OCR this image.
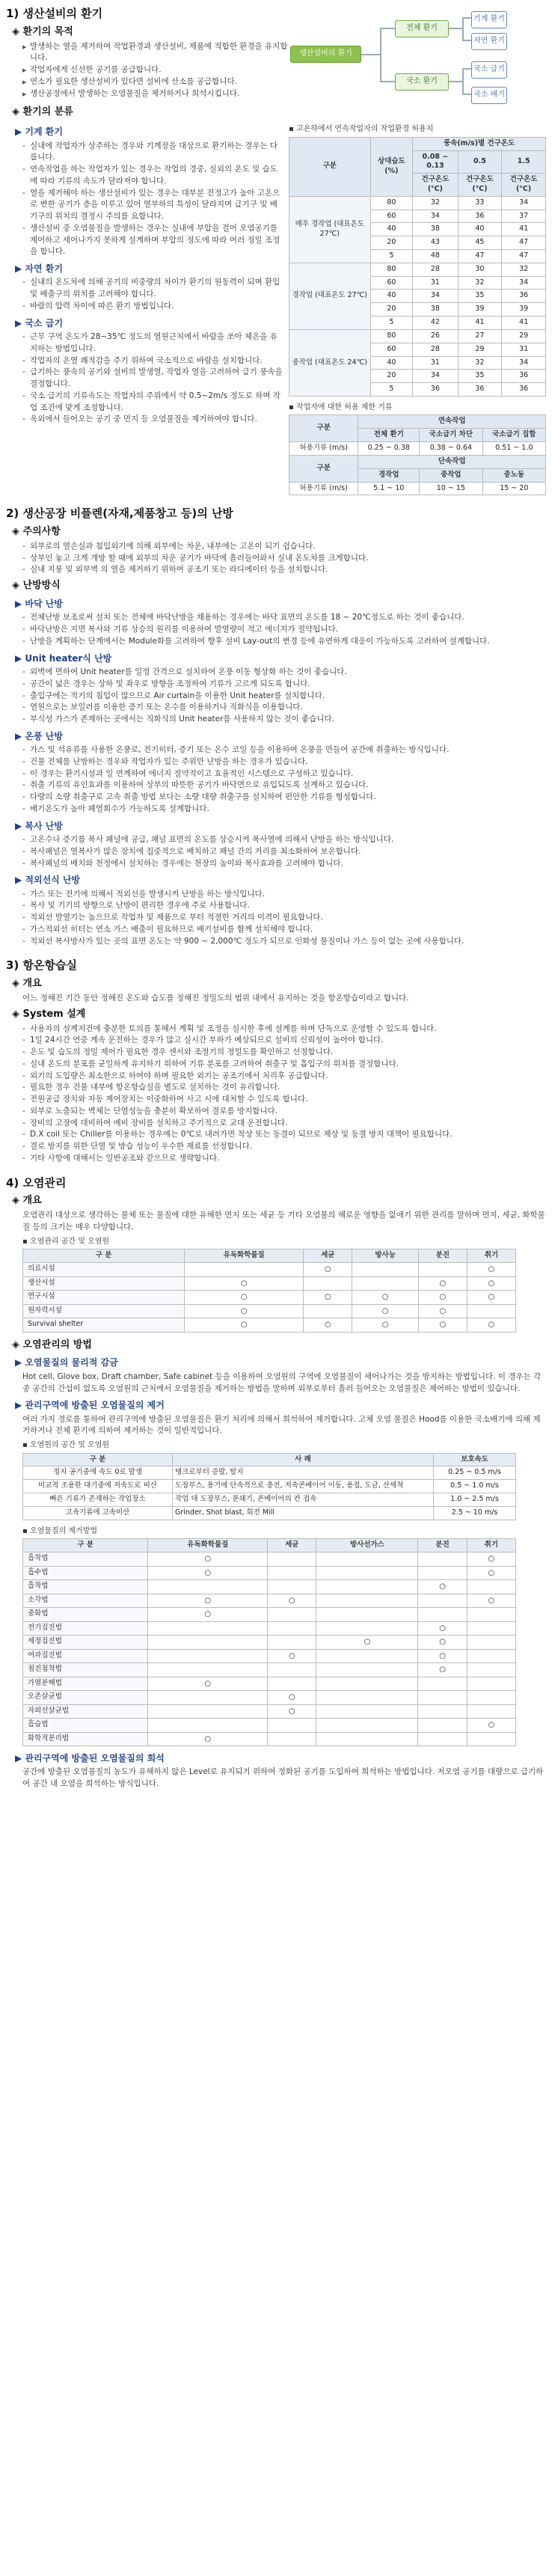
1) 생산설비의 환기
◈ 환기의 목적
▶ 발생하는 열을 제거하여 작업환경과 생산설비, 제품에 적합한 환경을 유지합니다.
▶ 작업자에게 신선한 공기를 공급합니다.
▶ 연소가 필요한 생산설비가 있다면 설비에 산소를 공급합니다.
▶ 생산공정에서 발생하는 오염물질을 제거하거나 희석시킵니다.
생산설비의 환기
전체 환기
국소 환기
기계 환기
자연 환기
국소 급기
국소 배기
◈ 환기의 분류
▶ 기계 환기
- 실내에 작업자가 상주하는 경우와 기계장을 대상으로 환기하는 경우는 다릅니다.
- 연속작업을 하는 작업자가 있는 경우는 작업의 경중, 실외의 온도 및 습도에 따라 기류의 속도가 달라져야 합니다.
- 열을 제거해야 하는 생산설비가 있는 경우는 대부분 전정고가 높아 고온으로 변한 공기가 층을 이루고 있어 열부하의 특성이 달라지며 급기구 및 배기구의 위치의 결정시 주의를 요합니다.
- 생산설비 중 오염물질을 발생하는 경우는 실내에 부압을 걸어 오염공기를 제어하고 세어나가지 못하게 설계하며 부압의 정도에 따라 여러 정밀 조정을 합니다.
▶ 자연 환기
- 실내의 온도차에 의해 공기의 비중량의 차이가 환기의 원동력이 되며 환입 및 배출구의 위치를 고려해야 합니다.
- 바람의 압력 차이에 따른 환기 방법입니다.
▶ 국소 급기
- 근무 구역 온도가 28~35℃ 정도의 열원근처에서 바람을 쏘아 체온을 유지하는 방법입니다.
- 작업자의 온열 쾌적감을 주기 위하여 국소적으로 바람을 설치합니다.
- 급기하는 풍속의 공기와 설비의 발생열, 작업자 열을 고려하여 급기 풍속을 결정합니다.
- 국소 급기의 기류속도는 작업자의 주위에서 약 0.5~2m/s 정도로 하며 작업 조건에 맞게 조정합니다.
- 옥외에서 들어오는 공기 중 먼지 등 오염물질을 제거하여야 합니다.
▪ 고온하에서 연속작업자의 작업환경 허용치
구분	상대습도 (%)	풍속(m/s)별 건구온도		
		0.08 ~ 0.13	0.5	1.5
		건구온도 (℃)	건구온도 (℃)	건구온도 (℃)
매우 경작업 (대표온도 27℃)	80	32	33	34
	60	34	36	37
	40	38	40	41
	20	43	45	47
	5	48	47	47
경작업 (대표온도 27℃)	80	28	30	32
	60	31	32	34
	40	34	35	36
	20	38	39	39
	5	42	41	41
중작업 (대표온도 24℃)	80	26	27	29
	60	28	29	31
	40	31	32	34
	20	34	35	36
	5	36	36	36
▪ 작업자에 대한 허용 제한 기류
구분	연속작업		
	전체 환기	국소급기 차단	국소급기 집합
허용기류 (m/s)	0.25 ~ 0.38	0.38 ~ 0.64	0.51 ~ 1.0
구분	단속작업		
	경작업	중작업	중노동
허용기류 (m/s)	5.1 ~ 10	10 ~ 15	15 ~ 20
2) 생산공장 비플렌(자재,제품창고 등)의 난방
◈ 주의사항
- 외부로의 열손실과 침입외기에 의해 외부에는 차운, 내부에는 고온이 되기 쉽습니다.
- 상부인 놓고 크게 개방 할 때에 외부의 차운 공기가 바닥에 흘러들어와서 실내 온도차를 크게합니다.
- 실내 지붕 및 외부벽 의 열을 제거하기 위하여 공조기 또는 라디에이터 등을 설치합니다.
◈ 난방방식
▶ 바닥 난방
- 전체난방 보조로써 설치 또는 전체에 바닥난방을 채용하는 경우에는 바닥 표면의 온도를 18 ~ 20℃정도로 하는 것이 좋습니다.
- 바닥난방은 지면 복사와 기류 상승의 원리를 이용하여 발열량이 적고 에너지가 절약됩니다.
- 난방을 계획하는 단계에서는 Module화를 고려하여 향후 설비 Lay-out의 변경 등에 유연하게 대응이 가능하도록 고려하여 설계합니다.
▶ Unit heater식 난방
- 외벽에 면하여 Unit heater를 일정 간격으로 설치하여 온풍 이동 형상화 하는 것이 좋습니다.
- 공간이 넓은 경우는 상하 및 좌우로 방향을 조정하여 기류가 고르게 되도록 합니다.
- 출입구에는 적기의 침입이 많으므로 Air curtain을 이용한 Unit heater를 설치합니다.
- 열원으로는 보일러를 이용한 증기 또는 온수를 이용하거나 직화식을 이용합니다.
- 부식성 가스가 존재하는 곳에서는 직화식의 Unit heater를 사용하지 않는 것이 좋습니다.
▶ 온풍 난방
- 가스 및 석유류를 사용한 온풍로, 전기히터, 증기 또는 온수 코일 등을 이용하여 온풍을 만들어 공간에 취출하는 방식입니다.
- 건물 전체를 난방하는 경우와 작업자가 있는 주위만 난방을 하는 경우가 있습니다.
- 이 경우는 환기시설과 일 연계하여 에너지 절약적이고 효율적인 시스템으로 구성하고 있습니다.
- 취출 기류의 유인효과를 이용하여 상부의 따뜻한 공기가 바닥면으로 유입되도록 설계하고 있습니다.
- 다량의 소량 취출구로 고속 취출 방법 보다는 소량 대량 취출구를 설치하여 편안한 기류를 형성합니다.
- 배기온도가 높아 폐열회수가 가능하도록 설계합니다.
▶ 복사 난방
- 고온수나 증기를 복사 패널에 공급, 패널 표면의 온도를 상승시켜 복사열에 의해서 난방을 하는 방식입니다.
- 복사패널은 열복사가 많은 장치에 집중적으로 배치하고 패널 간의 거리를 최소화하여 보온합니다.
- 복사패널의 배치와 천정에서 설치하는 경우에는 천장의 높이와 복사효과를 고려해야 합니다.
▶ 적외선식 난방
- 가스 또는 전기에 의해서 적외선을 발생시켜 난방을 하는 방식입니다.
- 복사 및 기기의 방향으로 난방이 편리한 경우에 주로 사용합니다.
- 적외선 발열기는 높으므로 작업자 및 제품으로 부터 적절한 거리의 이격이 필요합니다.
- 가스적외선 히터는 연소 가스 배출이 필요하므로 배기설비를 함께 설치해야 합니다.
- 적외선 복사방사가 있는 곳의 표면 온도는 약 900 ~ 2,000℃ 정도가 되므로 인화성 물질이나 가스 등이 없는 곳에 사용합니다.
3) 항온항습실
◈ 개요
어느 정해진 기간 동안 정해진 온도와 습도를 정해진 정밀도의 범위 내에서 유지하는 것을 항온항습이라고 합니다.
◈ System 설계
- 사용자의 설계지건에 충분한 토의를 통해서 계획 및 조정을 실시한 후에 설계를 하며 단독으로 운영할 수 있도록 합니다.
- 1일 24시간 연중 계속 운전하는 경우가 많고 실시간 부하가 예상되므로 설비의 신뢰성이 높아야 합니다.
- 온도 및 습도의 정밀 제어가 필요한 경우 센서와 조절기의 정밀도를 확인하고 선정합니다.
- 실내 온도의 분포를 균일하게 유지하기 위하여 기류 분포를 고려하여 취출구 및 흡입구의 위치를 결정합니다.
- 외기의 도입량은 최소한으로 하여야 하며 필요한 외기는 공조기에서 처리후 공급합니다.
- 필요한 경우 건물 내부에 항온항습실을 별도로 설치하는 것이 유리합니다.
- 전원공급 장치와 자동 제어장치는 이중화하여 사고 시에 대처할 수 있도록 합니다.
- 외부로 노출되는 벽체는 단열성능을 충분히 확보하여 결로를 방지합니다.
- 장비의 고장에 대비하여 예비 장비를 설치하고 주기적으로 교대 운전합니다.
- D.X coil 또는 Chiller를 이용하는 경우에는 0℃로 내려가면 착상 또는 동결이 되므로 제상 및 동결 방지 대책이 필요합니다.
- 결로 방지를 위한 단열 및 방습 성능이 우수한 재료를 선정합니다.
- 기타 사항에 대해서는 일반공조와 같으므로 생략합니다.
4) 오염관리
◈ 개요
오염관리 대상으로 생각하는 물체 또는 물질에 대한 유해한 먼지 또는 세균 등 기타 오염물의 해로운 영향을 없애기 위한 관리를 말하며 먼지, 세균, 화학물질 등의 크기는 매우 다양합니다.
▪ 오염관리 공간 및 오염원
구 분	유독화학물질	세균	방사능	분진	취기
의료시설		○			○
생산시설	○			○	○
연구시설	○	○	○	○	○
원자력시설	○		○	○	
Survival shelter	○	○	○	○	○
◈ 오염관리의 방법
▶ 오염물질의 물리적 감금
Hot cell, Glove box, Draft chamber, Safe cabinet 등을 이용하여 오염원의 구역에 오염물질이 새어나가는 것을 방지하는 방법입니다. 이 경우는 각종 공간의 간섭이 없도록 오염원의 근처에서 오염물질을 제거하는 방법을 말하며 외부로부터 흘러 들어오는 오염물질은 제어하는 방법이 있습니다.
▶ 관리구역에 방출된 오염물질의 제거
여러 가지 경로를 통하여 관리구역에 방출된 오염물질은 환기 처리에 의해서 희석하여 제거합니다. 고체 오염 물질은 Hood를 이용한 국소배기에 의해 제거하거나 전체 환기에 의하여 제거하는 것이 일반적입니다.
▪ 오염원의 공간 및 오염원
구 분	사 례	보호속도
정지 공기중에 속도 0로 발생	탱크로부터 증발, 탈지	0.25 ~ 0.5 m/s
비교적 조용한 대기중에 저속도로 비산	도장부스, 용기에 단속적으로 충전, 저속콘베이어 이동, 용접, 도금, 산세척	0.5 ~ 1.0 m/s
빠른 기류가 존재하는 작업장소	작업 대 도장부스, 분쇄기, 콘베이어의 칸 접속	1.0 ~ 2.5 m/s
고속기류에 고속비산	Grinder, Shot blast, 회전 Mill	2.5 ~ 10 m/s
▪ 오염물질의 제거방법
구 분	유독화학물질	세균	방사선가스	분진	취기
흡착법	○				○
흡수법	○				○
흡착법				○	
소각법	○	○			○
중화법	○				
전기집진법				○	
세정집진법			○	○	
여과집진법		○		○	
점진첨착법				○	
가열분해법	○				
오존살균법		○			
자외선살균법		○			
흡습법					○
화학적분리법	○				
▶ 관리구역에 방출된 오염물질의 희석
공간에 방출된 오염물질의 농도가 유해하지 않은 Level로 유지되기 위하여 정화된 공기를 도입하여 희석하는 방법입니다. 저오염 공기를 대량으로 급기하여 공간 내 오염을 희석하는 방식입니다.
